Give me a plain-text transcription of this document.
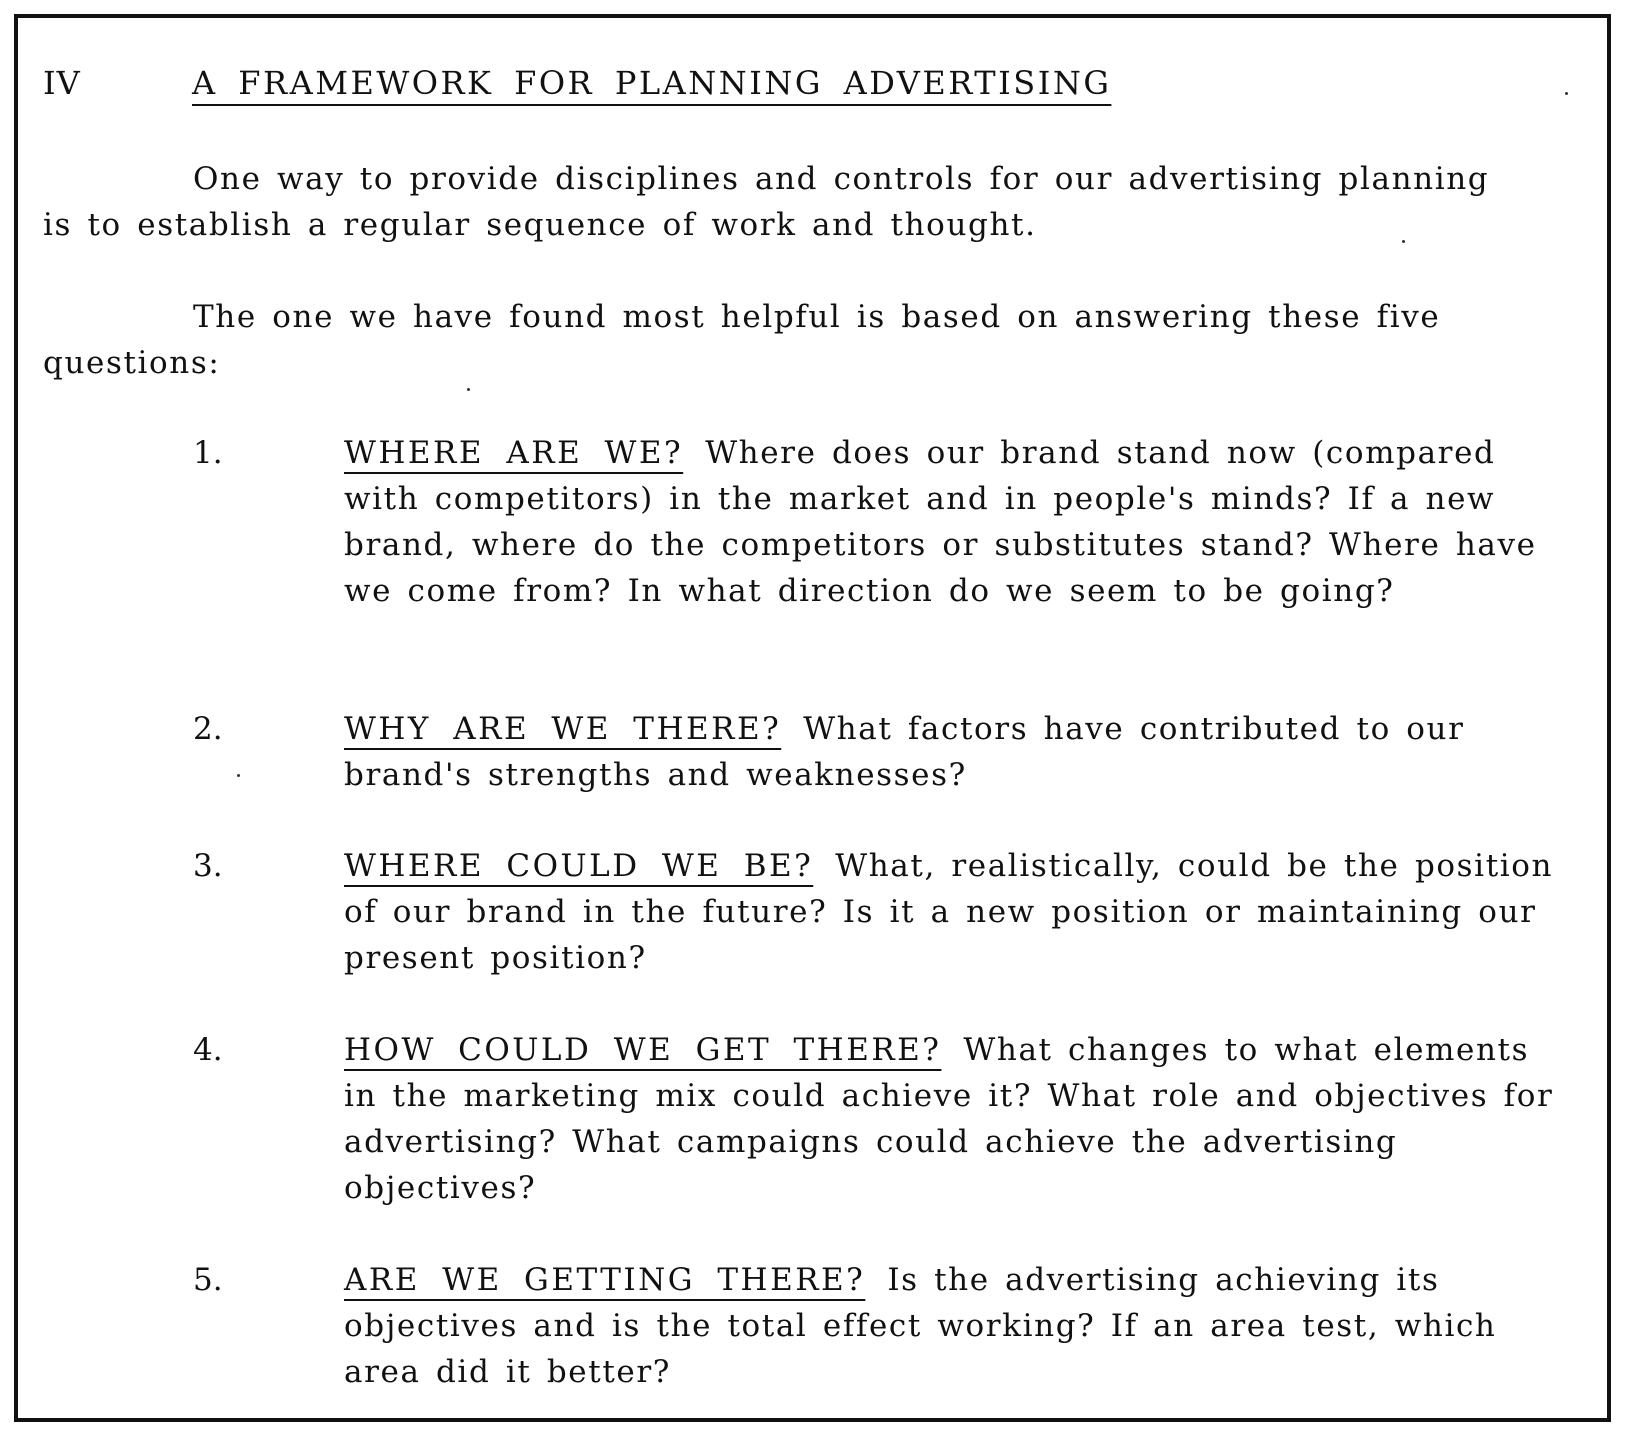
IV	A FRAMEWORK FOR PLANNING ADVERTISING

One way to provide disciplines and controls for our advertising planning is to establish a regular sequence of work and thought.

The one we have found most helpful is based on answering these five questions:

1.	WHERE ARE WE? Where does our brand stand now (compared with competitors) in the market and in people's minds? If a new brand, where do the competitors or substitutes stand? Where have we come from? In what direction do we seem to be going?

2.	WHY ARE WE THERE? What factors have contributed to our brand's strengths and weaknesses?

3.	WHERE COULD WE BE? What, realistically, could be the position of our brand in the future? Is it a new position or maintaining our present position?

4.	HOW COULD WE GET THERE? What changes to what elements in the marketing mix could achieve it? What role and objectives for advertising? What campaigns could achieve the advertising objectives?

5.	ARE WE GETTING THERE? Is the advertising achieving its objectives and is the total effect working? If an area test, which area did it better?
